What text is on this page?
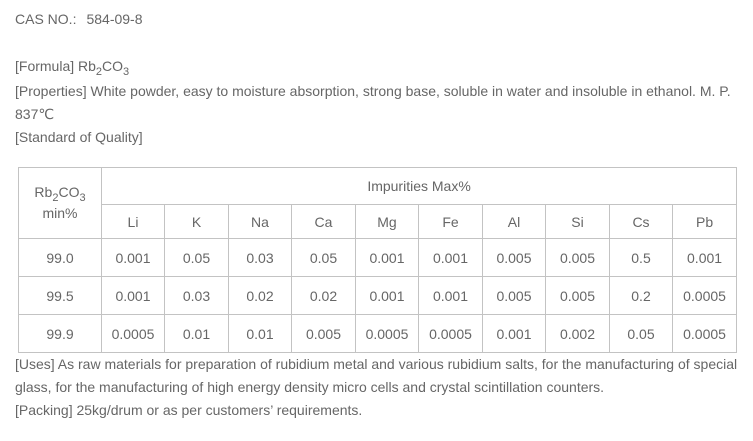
CAS NO.: 584-09-8

[Formula] $Rb_2CO_3$

[Properties] White powder, easy to moisture absorption, strong base, soluble in water and insoluble in ethanol. M. P. 837℃

[Standard of Quality]

$Rb_2CO_3$
min%	Impurities Max%									
	Li	K	Na	Ca	Mg	Fe	Al	Si	Cs	Pb
99.0	0.001	0.05	0.03	0.05	0.001	0.001	0.005	0.005	0.5	0.001
99.5	0.001	0.03	0.02	0.02	0.001	0.001	0.005	0.005	0.2	0.0005
99.9	0.0005	0.01	0.01	0.005	0.0005	0.0005	0.001	0.002	0.05	0.0005

[Uses] As raw materials for preparation of rubidium metal and various rubidium salts, for the manufacturing of special glass, for the manufacturing of high energy density micro cells and crystal scintillation counters.

[Packing] 25kg/drum or as per customers’ requirements.
